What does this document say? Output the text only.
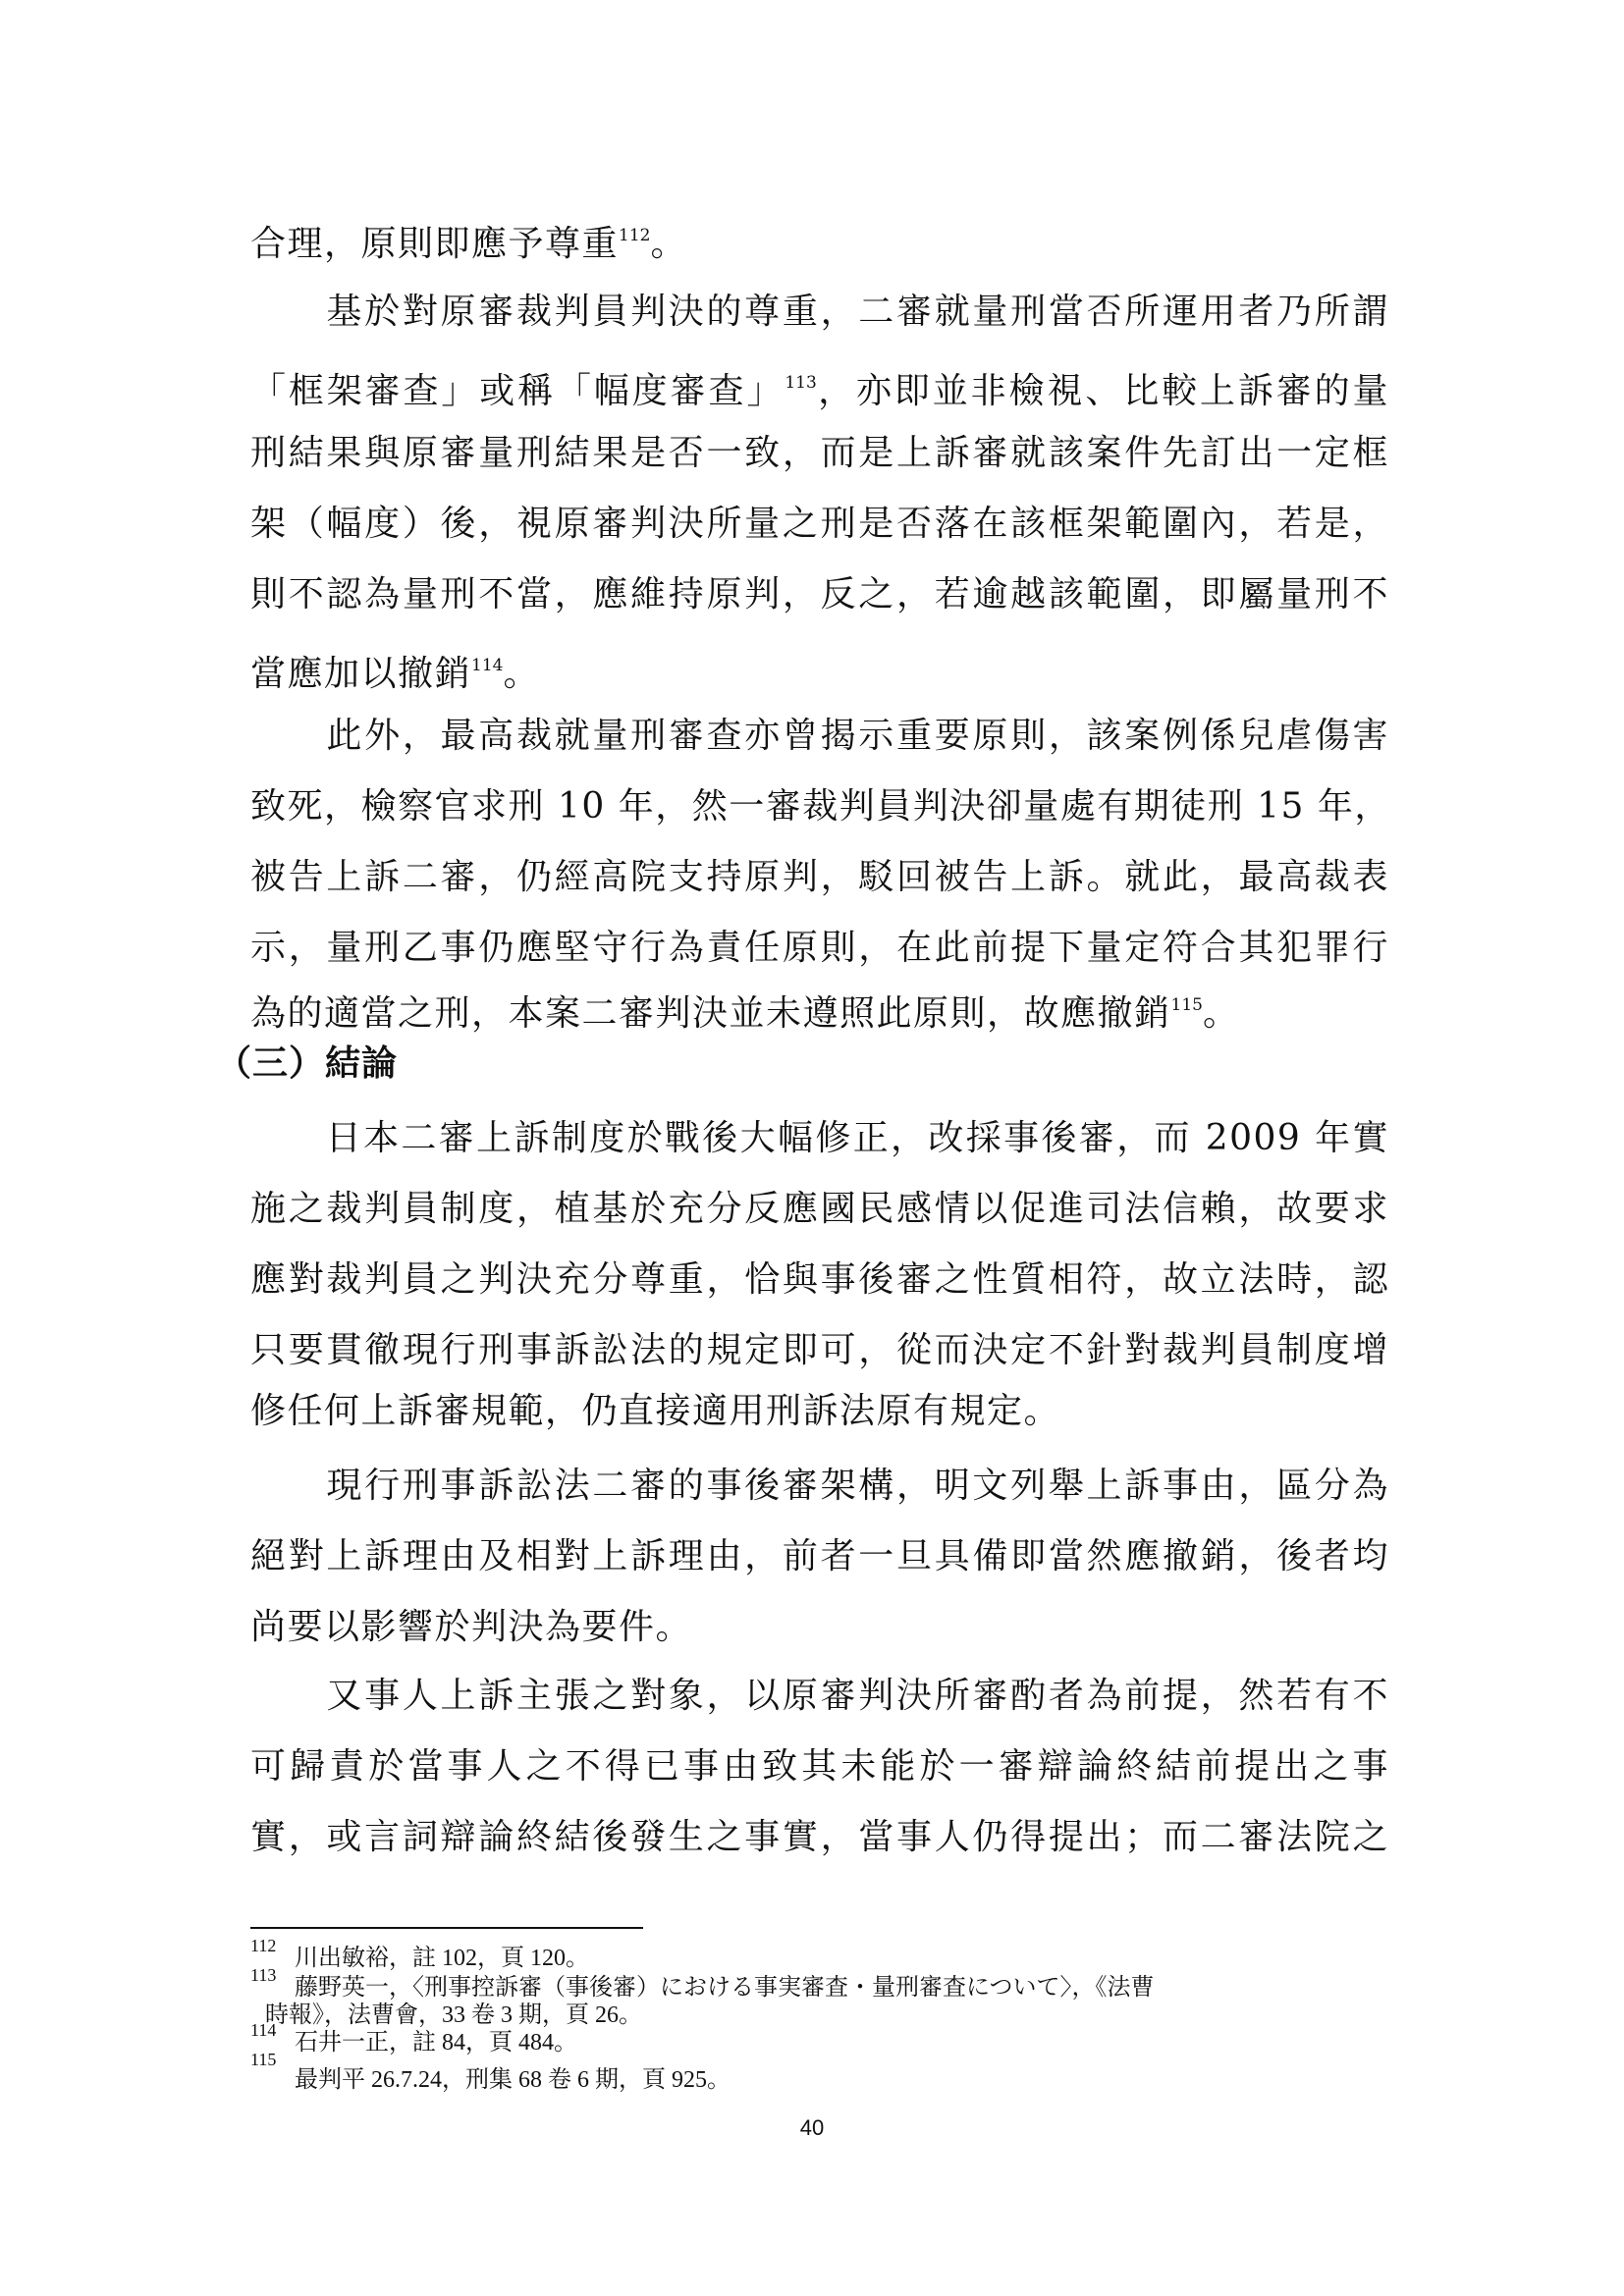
合理，原則即應予尊重$^{112}$。
　　基於對原審裁判員判決的尊重，二審就量刑當否所運用者乃所謂
「框架審查」或稱「幅度審查」$^{113}$，亦即並非檢視、比較上訴審的量
刑結果與原審量刑結果是否一致，而是上訴審就該案件先訂出一定框
架（幅度）後，視原審判決所量之刑是否落在該框架範圍內，若是，
則不認為量刑不當，應維持原判，反之，若逾越該範圍，即屬量刑不
當應加以撤銷$^{114}$。
　　此外，最高裁就量刑審查亦曾揭示重要原則，該案例係兒虐傷害
致死，檢察官求刑 10 年，然一審裁判員判決卻量處有期徒刑 15 年，
被告上訴二審，仍經高院支持原判，駁回被告上訴。就此，最高裁表
示，量刑乙事仍應堅守行為責任原則，在此前提下量定符合其犯罪行
為的適當之刑，本案二審判決並未遵照此原則，故應撤銷$^{115}$。
（三）結論
　　日本二審上訴制度於戰後大幅修正，改採事後審，而 2009 年實
施之裁判員制度，植基於充分反應國民感情以促進司法信賴，故要求
應對裁判員之判決充分尊重，恰與事後審之性質相符，故立法時，認
只要貫徹現行刑事訴訟法的規定即可，從而決定不針對裁判員制度增
修任何上訴審規範，仍直接適用刑訴法原有規定。
　　現行刑事訴訟法二審的事後審架構，明文列舉上訴事由，區分為
絕對上訴理由及相對上訴理由，前者一旦具備即當然應撤銷，後者均
尚要以影響於判決為要件。
　　又事人上訴主張之對象，以原審判決所審酌者為前提，然若有不
可歸責於當事人之不得已事由致其未能於一審辯論終結前提出之事
實，或言詞辯論終結後發生之事實，當事人仍得提出；而二審法院之
112 川出敏裕，註 102，頁 120。
113 藤野英一，〈刑事控訴審（事後審）における事実審査・量刑審査について〉，《法曹
時報》，法曹會，33 卷 3 期，頁 26。
114 石井一正，註 84，頁 484。
115
最判平 26.7.24，刑集 68 卷 6 期，頁 925。
40
